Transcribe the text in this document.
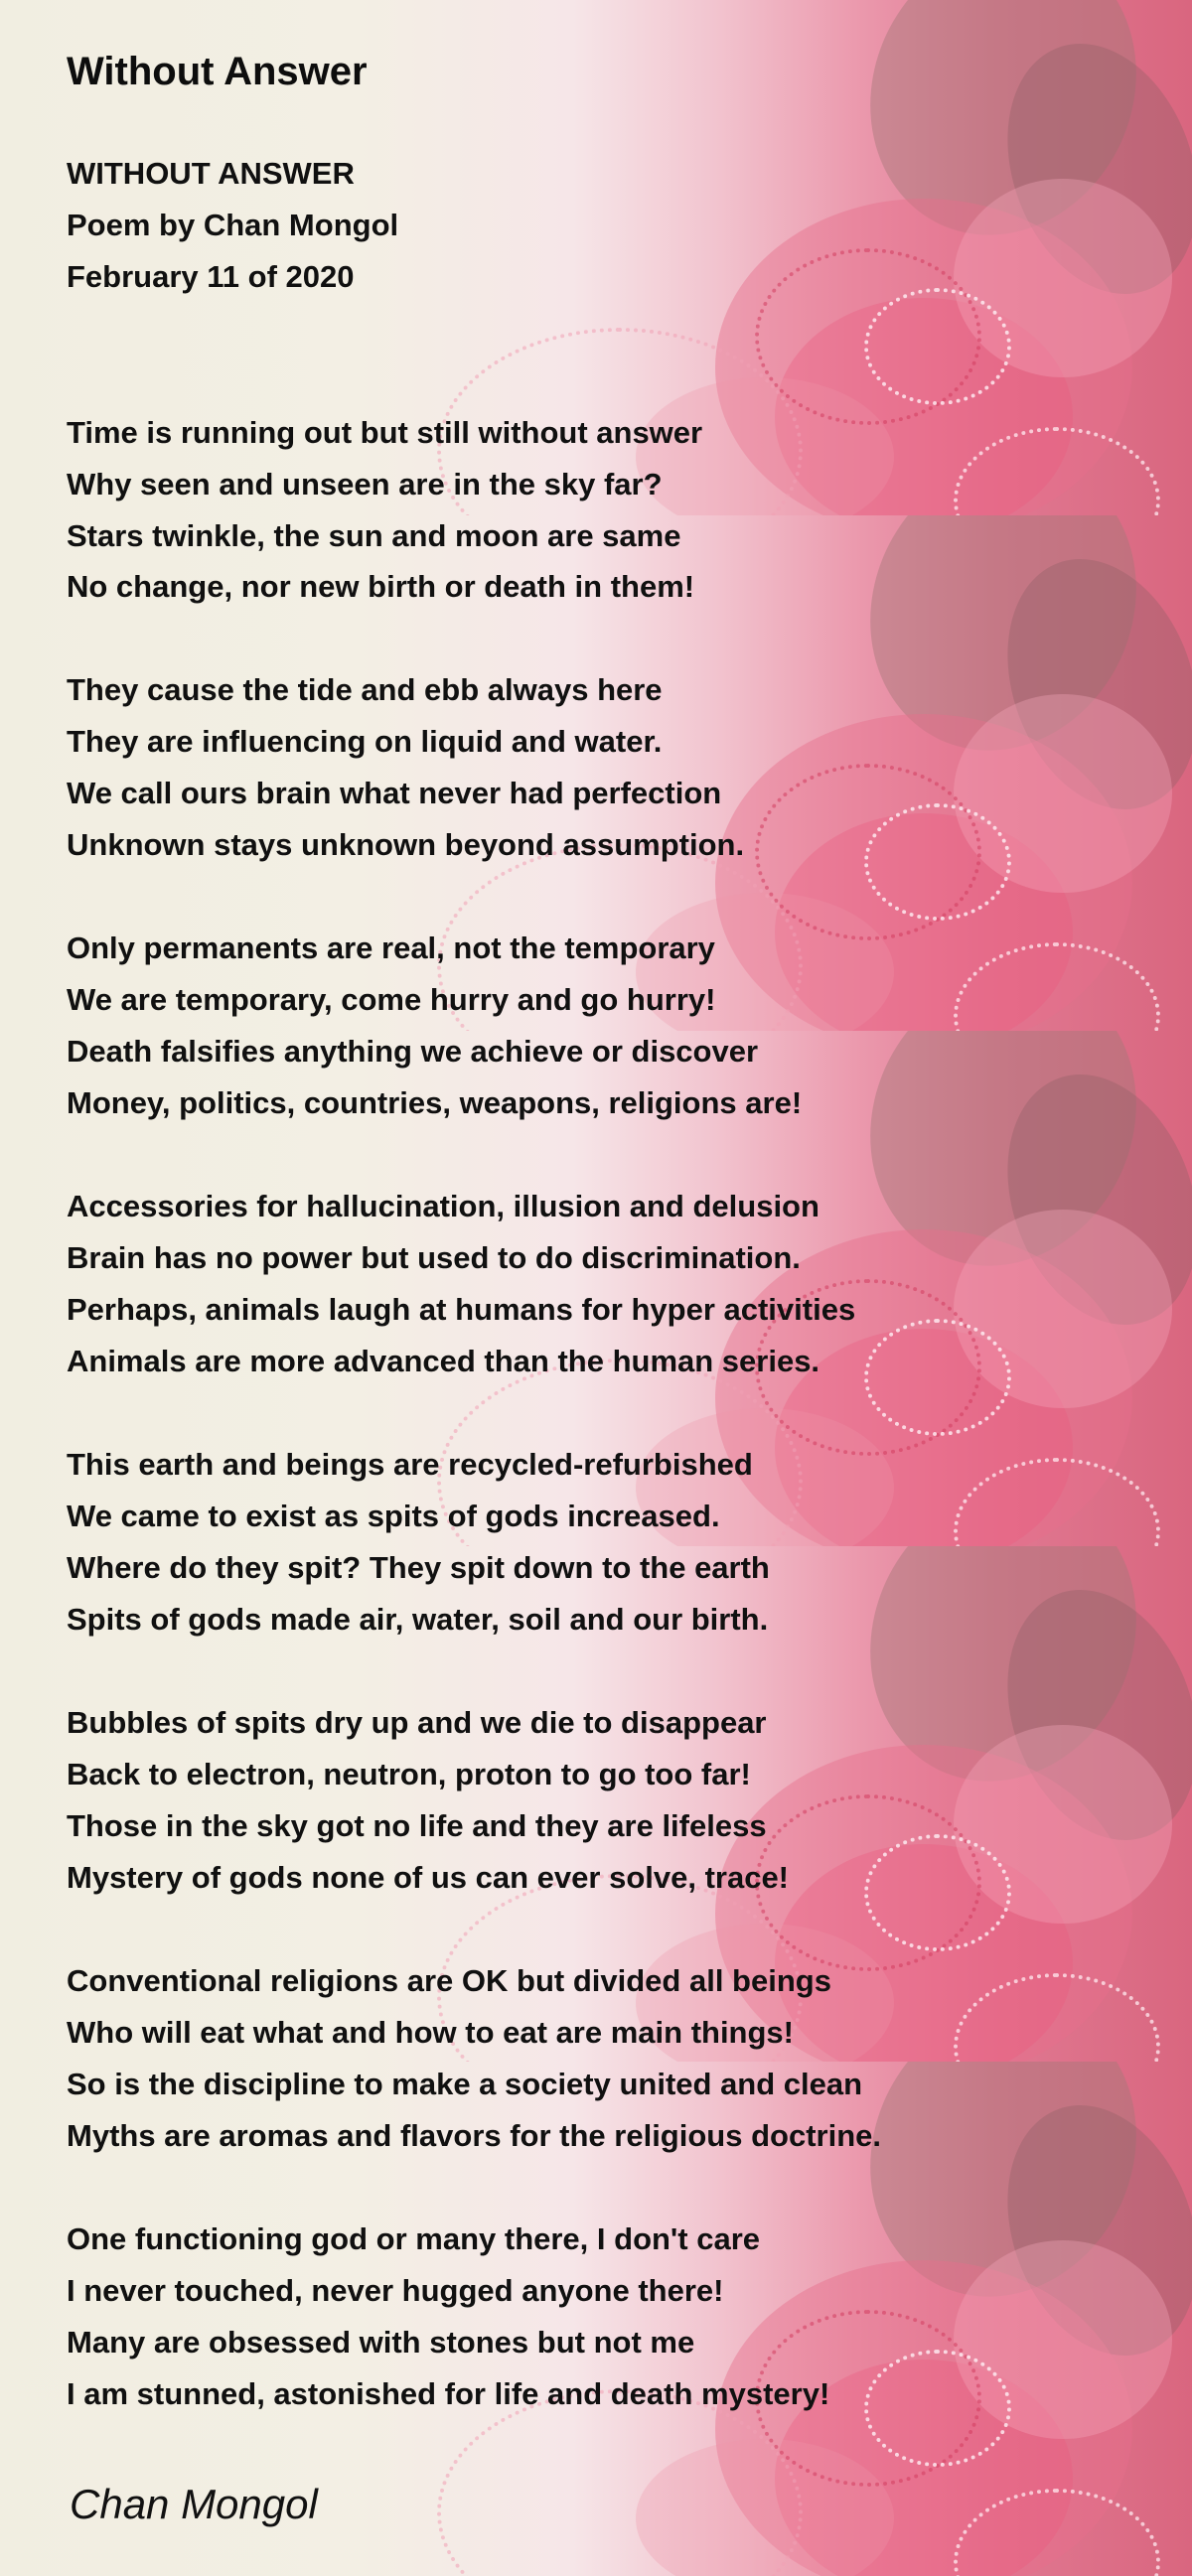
Without Answer
WITHOUT ANSWER
Poem by Chan Mongol
February 11 of 2020
Time is running out but still without answer
Why seen and unseen are in the sky far?
Stars twinkle, the sun and moon are same
No change, nor new birth or death in them!
They cause the tide and ebb always here
They are influencing on liquid and water.
We call ours brain what never had perfection
Unknown stays unknown beyond assumption.
Only permanents are real, not the temporary
We are temporary, come hurry and go hurry!
Death falsifies anything we achieve or discover
Money, politics, countries, weapons, religions are!
Accessories for hallucination, illusion and delusion
Brain has no power but used to do discrimination.
Perhaps, animals laugh at humans for hyper activities
Animals are more advanced than the human series.
This earth and beings are recycled-refurbished
We came to exist as spits of gods increased.
Where do they spit? They spit down to the earth
Spits of gods made air, water, soil and our birth.
Bubbles of spits dry up and we die to disappear
Back to electron, neutron, proton to go too far!
Those in the sky got no life and they are lifeless
Mystery of gods none of us can ever solve, trace!
Conventional religions are OK but divided all beings
Who will eat what and how to eat are main things!
So is the discipline to make a society united and clean
Myths are aromas and flavors for the religious doctrine.
One functioning god or many there, I don't care
I never touched, never hugged anyone there!
Many are obsessed with stones but not me
I am stunned, astonished for life and death mystery!
Chan Mongol
